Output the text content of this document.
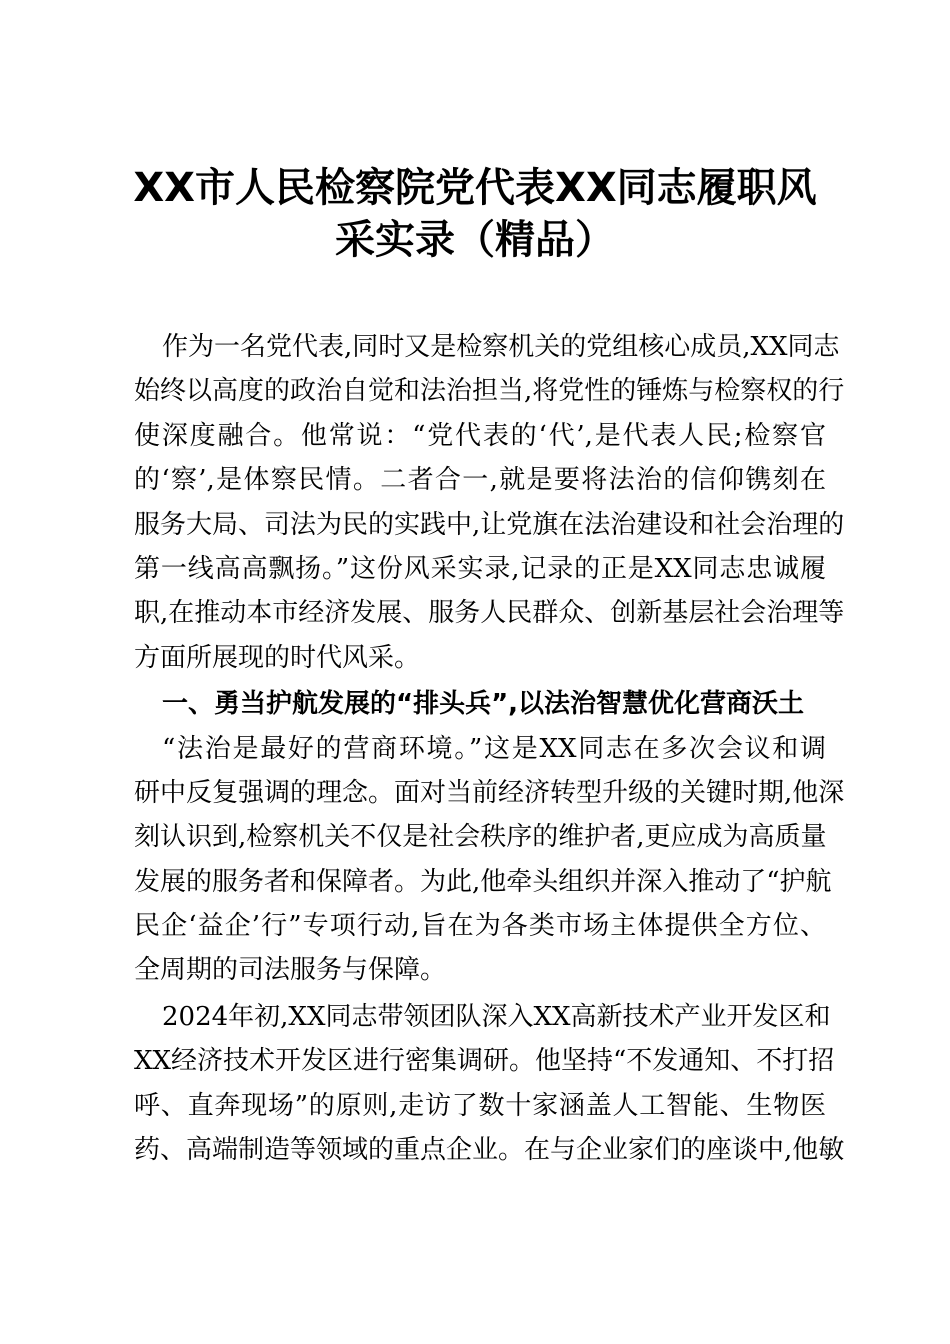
XX市人民检察院党代表XX同志履职风
采实录（精品）
作为一名党代表,同时又是检察机关的党组核心成员,XX同志
始终以高度的政治自觉和法治担当,将党性的锤炼与检察权的行
使深度融合。他常说：“党代表的‘代’,是代表人民;检察官
的‘察’,是体察民情。二者合一,就是要将法治的信仰镌刻在
服务大局、司法为民的实践中,让党旗在法治建设和社会治理的
第一线高高飘扬。”这份风采实录,记录的正是XX同志忠诚履
职,在推动本市经济发展、服务人民群众、创新基层社会治理等
方面所展现的时代风采。
一、勇当护航发展的“排头兵”,以法治智慧优化营商沃土
“法治是最好的营商环境。”这是XX同志在多次会议和调
研中反复强调的理念。面对当前经济转型升级的关键时期,他深
刻认识到,检察机关不仅是社会秩序的维护者,更应成为高质量
发展的服务者和保障者。为此,他牵头组织并深入推动了“护航
民企‘益企’行”专项行动,旨在为各类市场主体提供全方位、
全周期的司法服务与保障。
2024年初,XX同志带领团队深入XX高新技术产业开发区和
XX经济技术开发区进行密集调研。他坚持“不发通知、不打招
呼、直奔现场”的原则,走访了数十家涵盖人工智能、生物医
药、高端制造等领域的重点企业。在与企业家们的座谈中,他敏
